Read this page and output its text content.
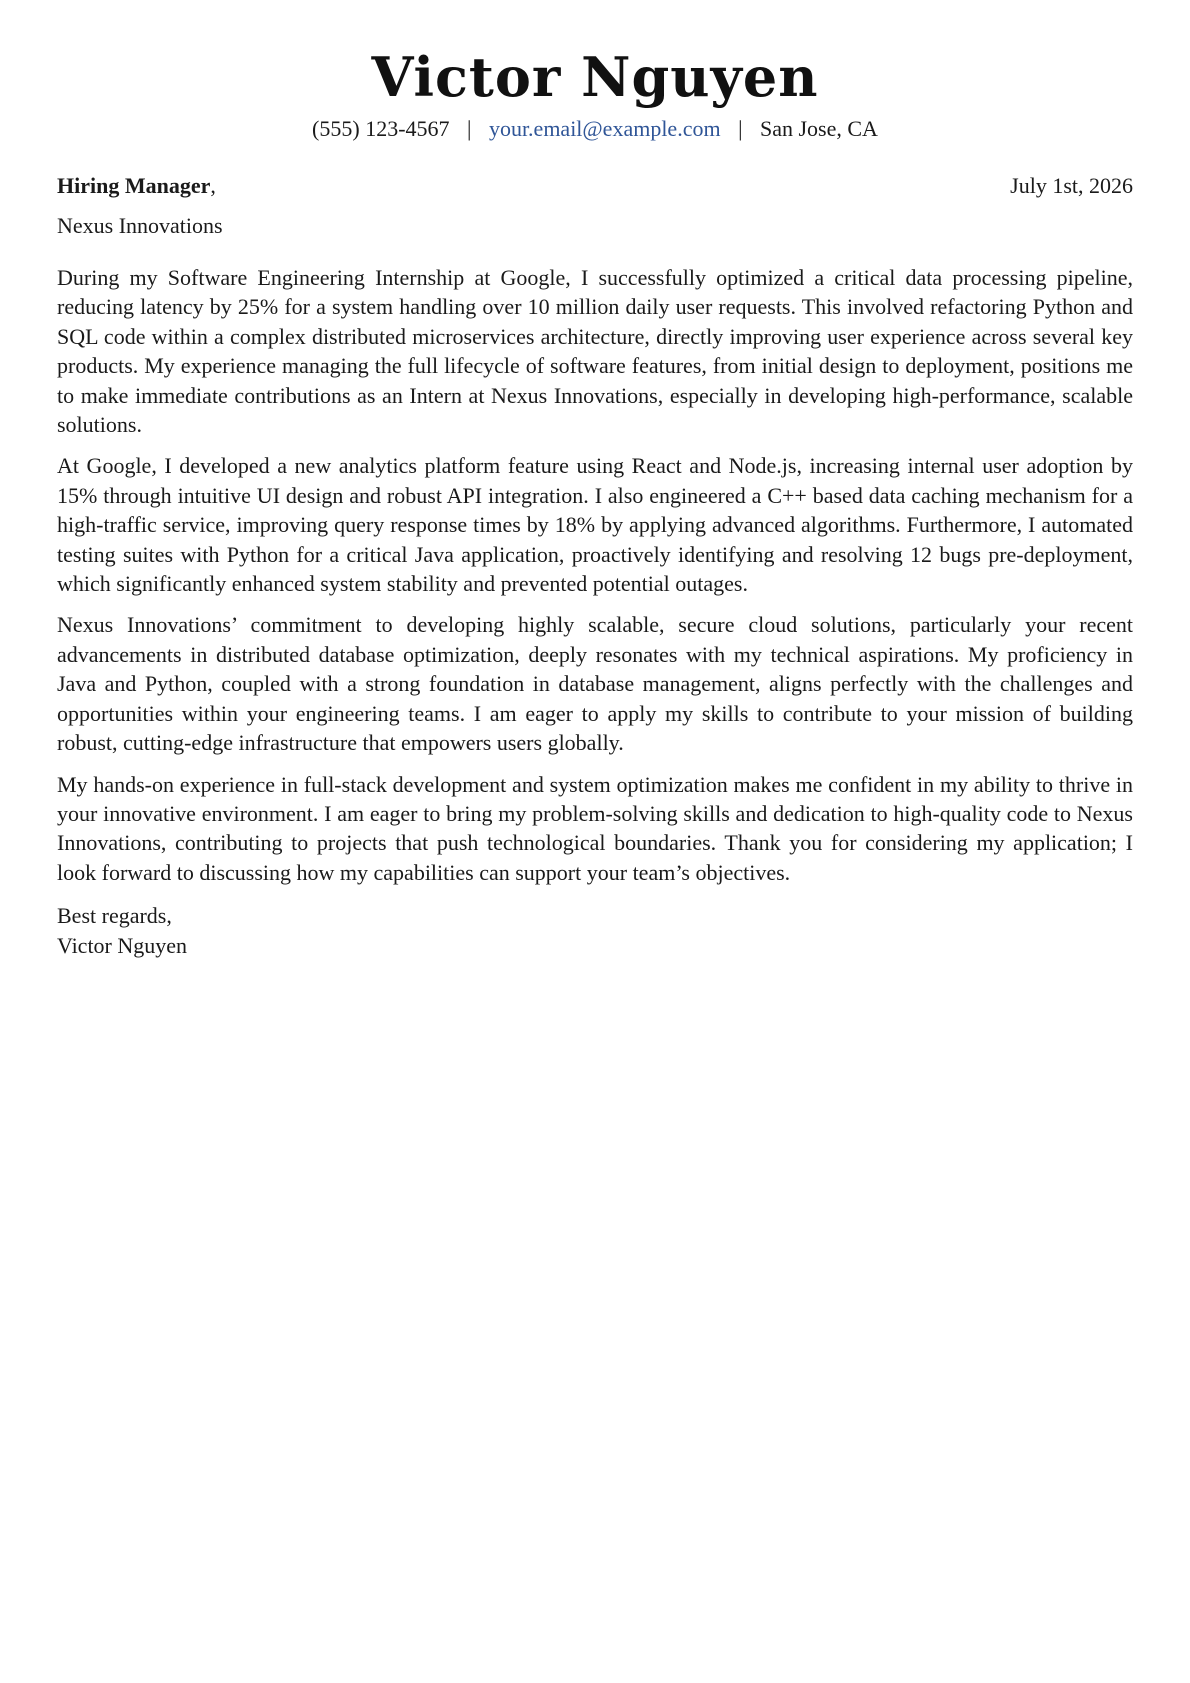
Victor Nguyen
(555) 123-4567 | your.email@example.com | San Jose, CA
Hiring Manager,	July 1st, 2026
Nexus Innovations

During my Software Engineering Internship at Google, I successfully optimized a critical data processing pipeline, reducing latency by 25% for a system handling over 10 million daily user requests. This involved refactoring Python and SQL code within a complex distributed microservices architecture, directly improving user experience across several key products. My experience managing the full lifecycle of software features, from initial design to deployment, positions me to make immediate contributions as an Intern at Nexus Innovations, especially in developing high-performance, scalable solutions.

At Google, I developed a new analytics platform feature using React and Node.js, increasing internal user adoption by 15% through intuitive UI design and robust API integration. I also engineered a C++ based data caching mechanism for a high-traffic service, improving query response times by 18% by applying advanced algorithms. Furthermore, I automated testing suites with Python for a critical Java application, proactively identifying and resolving 12 bugs pre-deployment, which significantly enhanced system stability and prevented potential outages.

Nexus Innovations’ commitment to developing highly scalable, secure cloud solutions, particularly your recent advancements in distributed database optimization, deeply resonates with my technical aspirations. My proficiency in Java and Python, coupled with a strong foundation in database management, aligns perfectly with the challenges and opportunities within your engineering teams. I am eager to apply my skills to contribute to your mission of building robust, cutting-edge infrastructure that empowers users globally.

My hands-on experience in full-stack development and system optimization makes me confident in my ability to thrive in your innovative environment. I am eager to bring my problem-solving skills and dedication to high-quality code to Nexus Innovations, contributing to projects that push technological boundaries. Thank you for considering my application; I look forward to discussing how my capabilities can support your team’s objectives.

Best regards,
Victor Nguyen
